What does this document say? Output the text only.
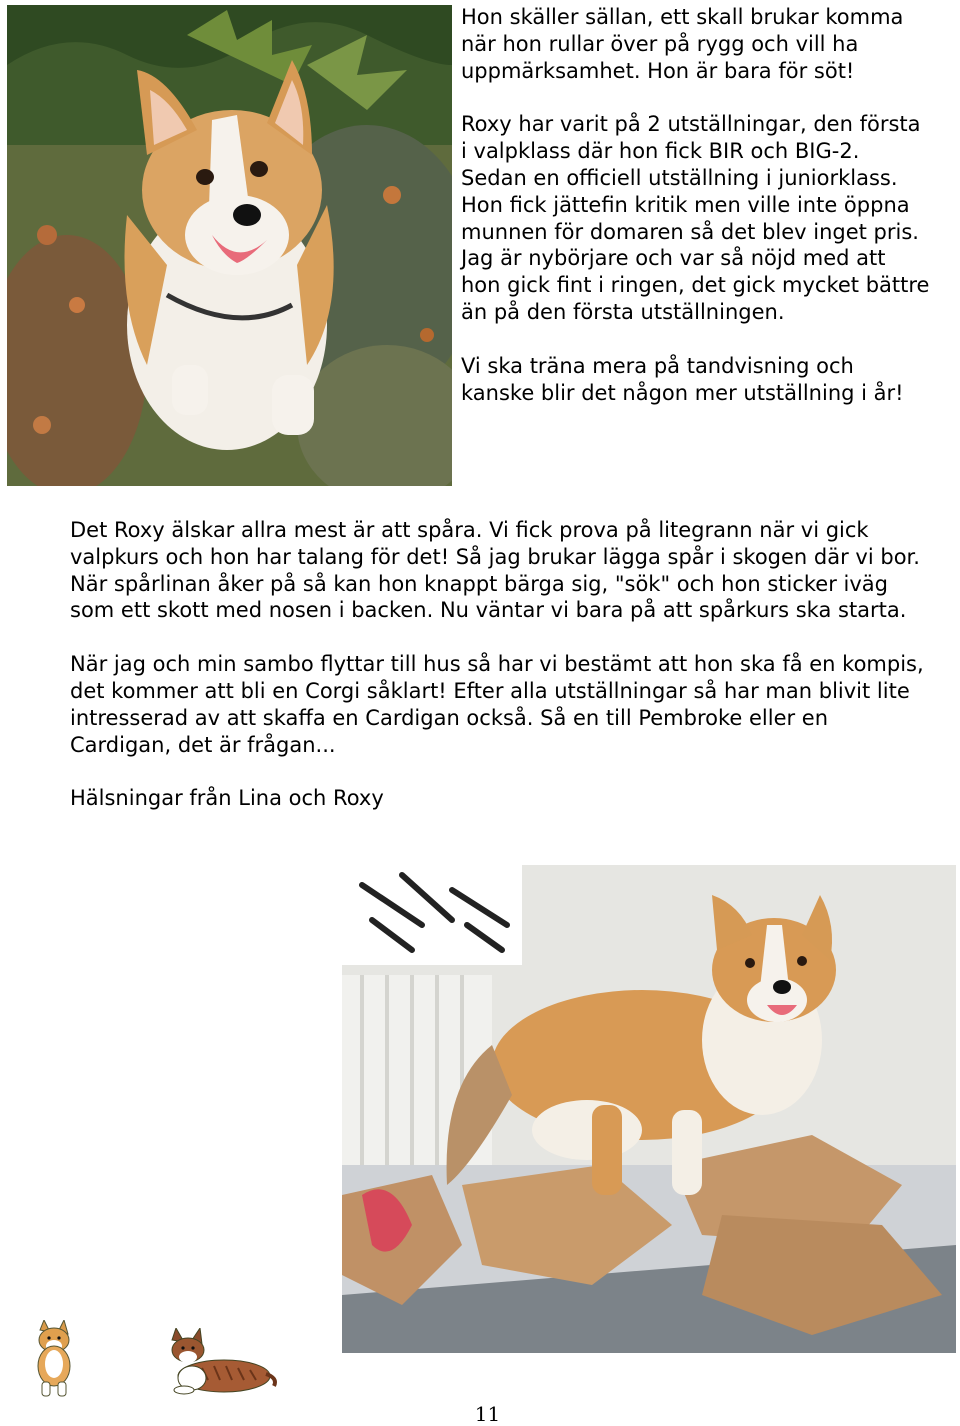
Hon skäller sällan, ett skall brukar komma när hon rullar över på rygg och vill ha uppmärksamhet. Hon är bara för söt!

Roxy har varit på 2 utställningar, den första i valpklass där hon fick BIR och BIG-2. Sedan en officiell utställning i juniorklass. Hon fick jättefin kritik men ville inte öppna munnen för domaren så det blev inget pris. Jag är nybörjare och var så nöjd med att hon gick fint i ringen, det gick mycket bättre än på den första utställningen.

Vi ska träna mera på tandvisning och kanske blir det någon mer utställning i år!

Det Roxy älskar allra mest är att spåra. Vi fick prova på litegrann när vi gick valpkurs och hon har talang för det! Så jag brukar lägga spår i skogen där vi bor. När spårlinan åker på så kan hon knappt bärga sig, "sök" och hon sticker iväg som ett skott med nosen i backen. Nu väntar vi bara på att spårkurs ska starta.

När jag och min sambo flyttar till hus så har vi bestämt att hon ska få en kompis, det kommer att bli en Corgi såklart! Efter alla utställningar så har man blivit lite intresserad av att skaffa en Cardigan också. Så en till Pembroke eller en Cardigan, det är frågan...

Hälsningar från Lina och Roxy

11
